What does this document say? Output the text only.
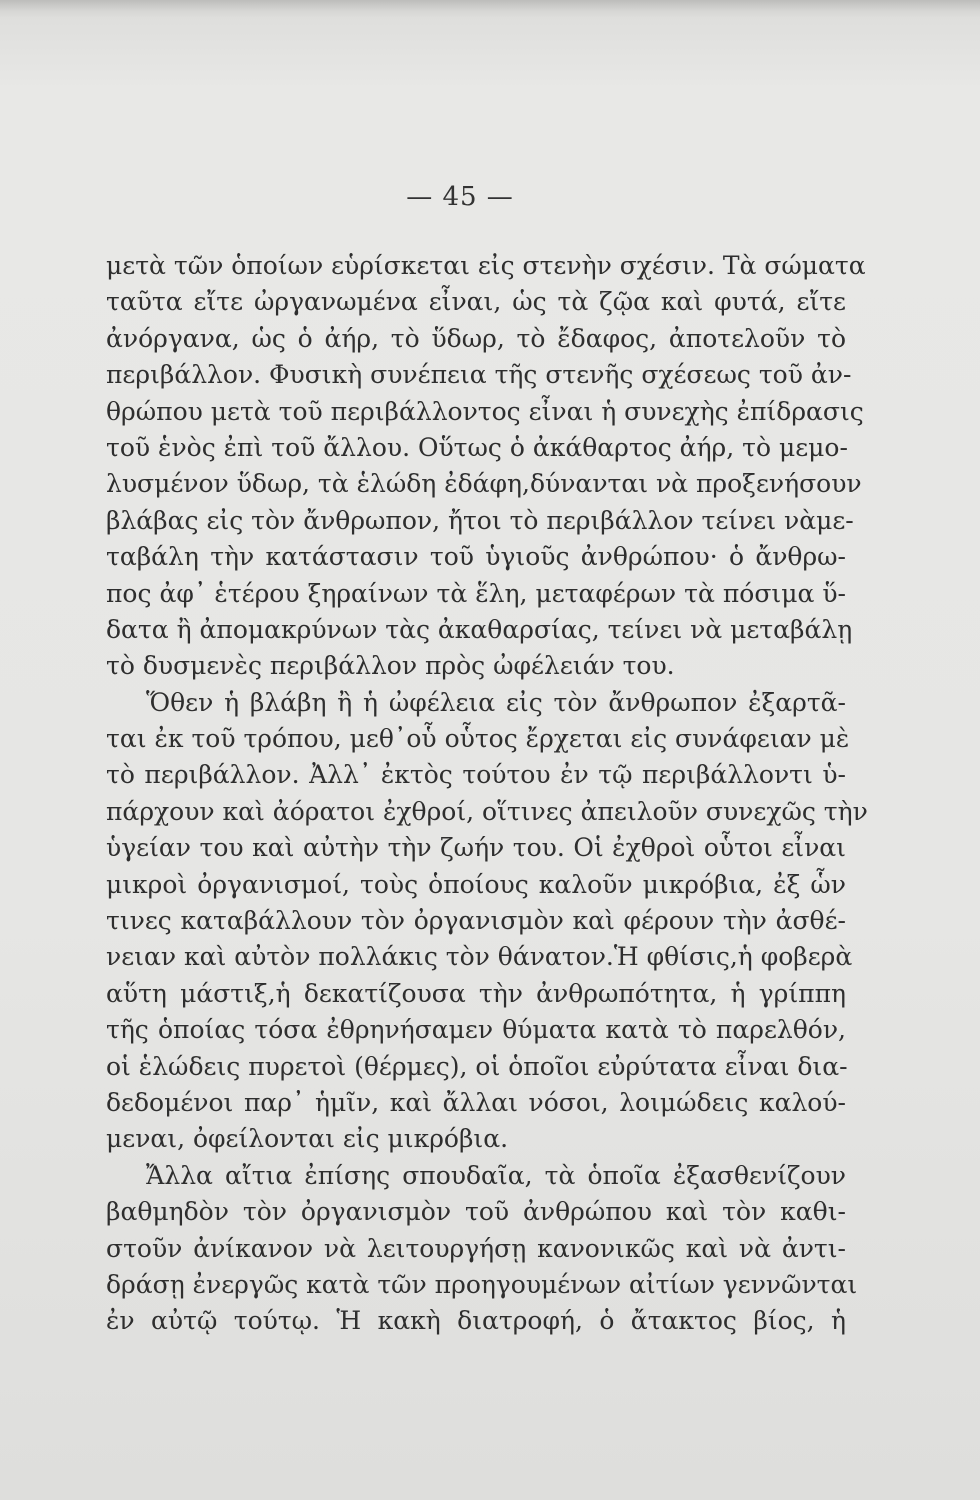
— 45 —
μετὰ τῶν ὁποίων εὑρίσκεται εἰς στενὴν σχέσιν. Τὰ σώματα
ταῦτα εἴτε ὠργανωμένα εἶναι, ὡς τὰ ζῷα καὶ φυτά, εἴτε
ἀνόργανα, ὡς ὁ ἀήρ, τὸ ὕδωρ, τὸ ἔδαφος, ἀποτελοῦν τὸ
περιβάλλον. Φυσικὴ συνέπεια τῆς στενῆς σχέσεως τοῦ ἀν-
θρώπου μετὰ τοῦ περιβάλλοντος εἶναι ἡ συνεχὴς ἐπίδρασις
τοῦ ἑνὸς ἐπὶ τοῦ ἄλλου. Οὕτως ὁ ἀκάθαρτος ἀήρ, τὸ μεμο-
λυσμένον ὕδωρ, τὰ ἑλώδη ἐδάφη,δύνανται νὰ προξενήσουν
βλάβας εἰς τὸν ἄνθρωπον, ἤτοι τὸ περιβάλλον τείνει νὰμε-
ταβάλη τὴν κατάστασιν τοῦ ὑγιοῦς ἀνθρώπου· ὁ ἄνθρω-
πος ἀφ᾽ ἑτέρου ξηραίνων τὰ ἕλη, μεταφέρων τὰ πόσιμα ὕ-
δατα ἢ ἀπομακρύνων τὰς ἀκαθαρσίας, τείνει νὰ μεταβάλῃ
τὸ δυσμενὲς περιβάλλον πρὸς ὠφέλειάν του.
Ὅθεν ἡ βλάβη ἢ ἡ ὠφέλεια εἰς τὸν ἄνθρωπον ἐξαρτᾶ-
ται ἐκ τοῦ τρόπου, μεθ᾽οὗ οὗτος ἔρχεται εἰς συνάφειαν μὲ
τὸ περιβάλλον. Ἀλλ᾽ ἐκτὸς τούτου ἐν τῷ περιβάλλοντι ὑ-
πάρχουν καὶ ἀόρατοι ἐχθροί, οἵτινες ἀπειλοῦν συνεχῶς τὴν
ὑγείαν του καὶ αὐτὴν τὴν ζωήν του. Οἱ ἐχθροὶ οὗτοι εἶναι
μικροὶ ὀργανισμοί, τοὺς ὁποίους καλοῦν μικρόβια, ἐξ ὧν
τινες καταβάλλουν τὸν ὀργανισμὸν καὶ φέρουν τὴν ἀσθέ-
νειαν καὶ αὐτὸν πολλάκις τὸν θάνατον.Ἡ φθίσις,ἡ φοβερὰ
αὕτη μάστιξ,ἡ δεκατίζουσα τὴν ἀνθρωπότητα, ἡ γρίππη
τῆς ὁποίας τόσα ἐθρηνήσαμεν θύματα κατὰ τὸ παρελθόν,
οἱ ἑλώδεις πυρετοὶ (θέρμες), οἱ ὁποῖοι εὐρύτατα εἶναι δια-
δεδομένοι παρ᾽ ἡμῖν, καὶ ἄλλαι νόσοι, λοιμώδεις καλού-
μεναι, ὀφείλονται εἰς μικρόβια.
Ἄλλα αἴτια ἐπίσης σπουδαῖα, τὰ ὁποῖα ἐξασθενίζουν
βαθμηδὸν τὸν ὀργανισμὸν τοῦ ἀνθρώπου καὶ τὸν καθι-
στοῦν ἀνίκανον νὰ λειτουργήσῃ κανονικῶς καὶ νὰ ἀντι-
δράσῃ ἐνεργῶς κατὰ τῶν προηγουμένων αἰτίων γεννῶνται
ἐν αὐτῷ τούτῳ. Ἡ κακὴ διατροφή, ὁ ἄτακτος βίος, ἡ
